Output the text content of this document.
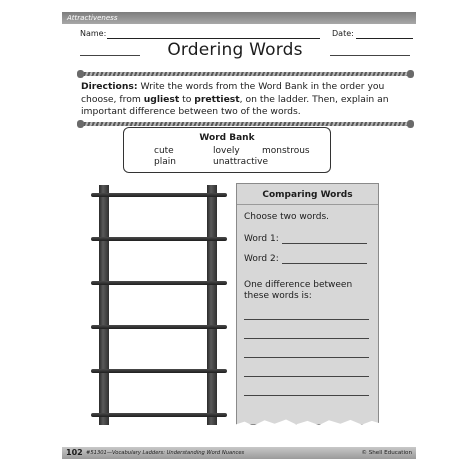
Attractiveness
Name:	Date:
Ordering Words
Directions: Write the words from the Word Bank in the order you choose, from ugliest to prettiest, on the ladder. Then, explain an important difference between two of the words.
Word Bank
cute	lovely monstrous
plain	unattractive
Comparing Words
Choose two words.
Word 1:
Word 2:
One difference between these words is:
102 #51301—Vocabulary Ladders: Understanding Word Nuances	© Shell Education
